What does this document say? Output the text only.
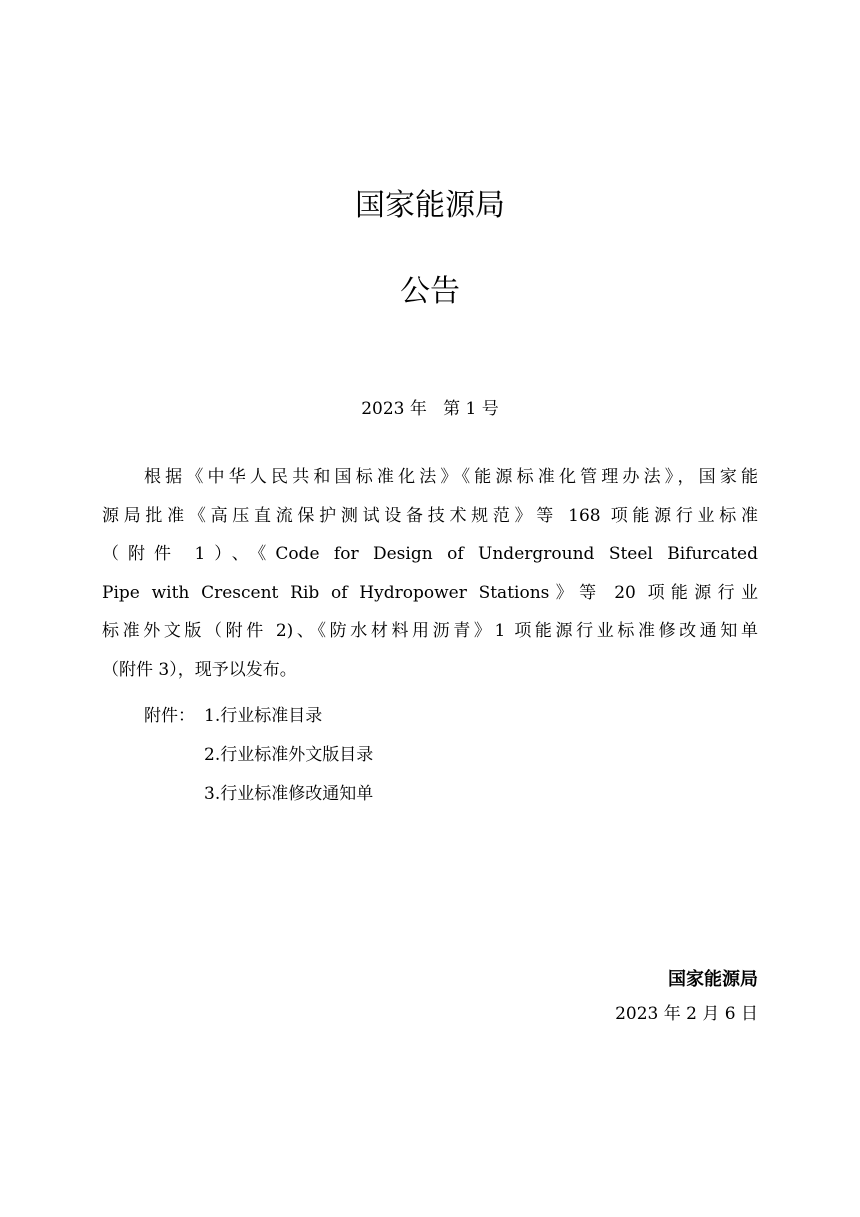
国家能源局
公告
2023 年   第 1 号
根据《中华人民共和国标准化法》《能源标准化管理办法》，国家能
源局批准《高压直流保护测试设备技术规范》等 168 项能源行业标准
（附件 1）、《Code for Design of Underground Steel Bifurcated
Pipe with Crescent Rib of Hydropower Stations》等 20 项能源行业
标准外文版（附件 2)、《防水材料用沥青》1 项能源行业标准修改通知单
（附件 3），现予以发布。
附件： 1.行业标准目录
2.行业标准外文版目录
3.行业标准修改通知单
国家能源局
2023 年 2 月 6 日
